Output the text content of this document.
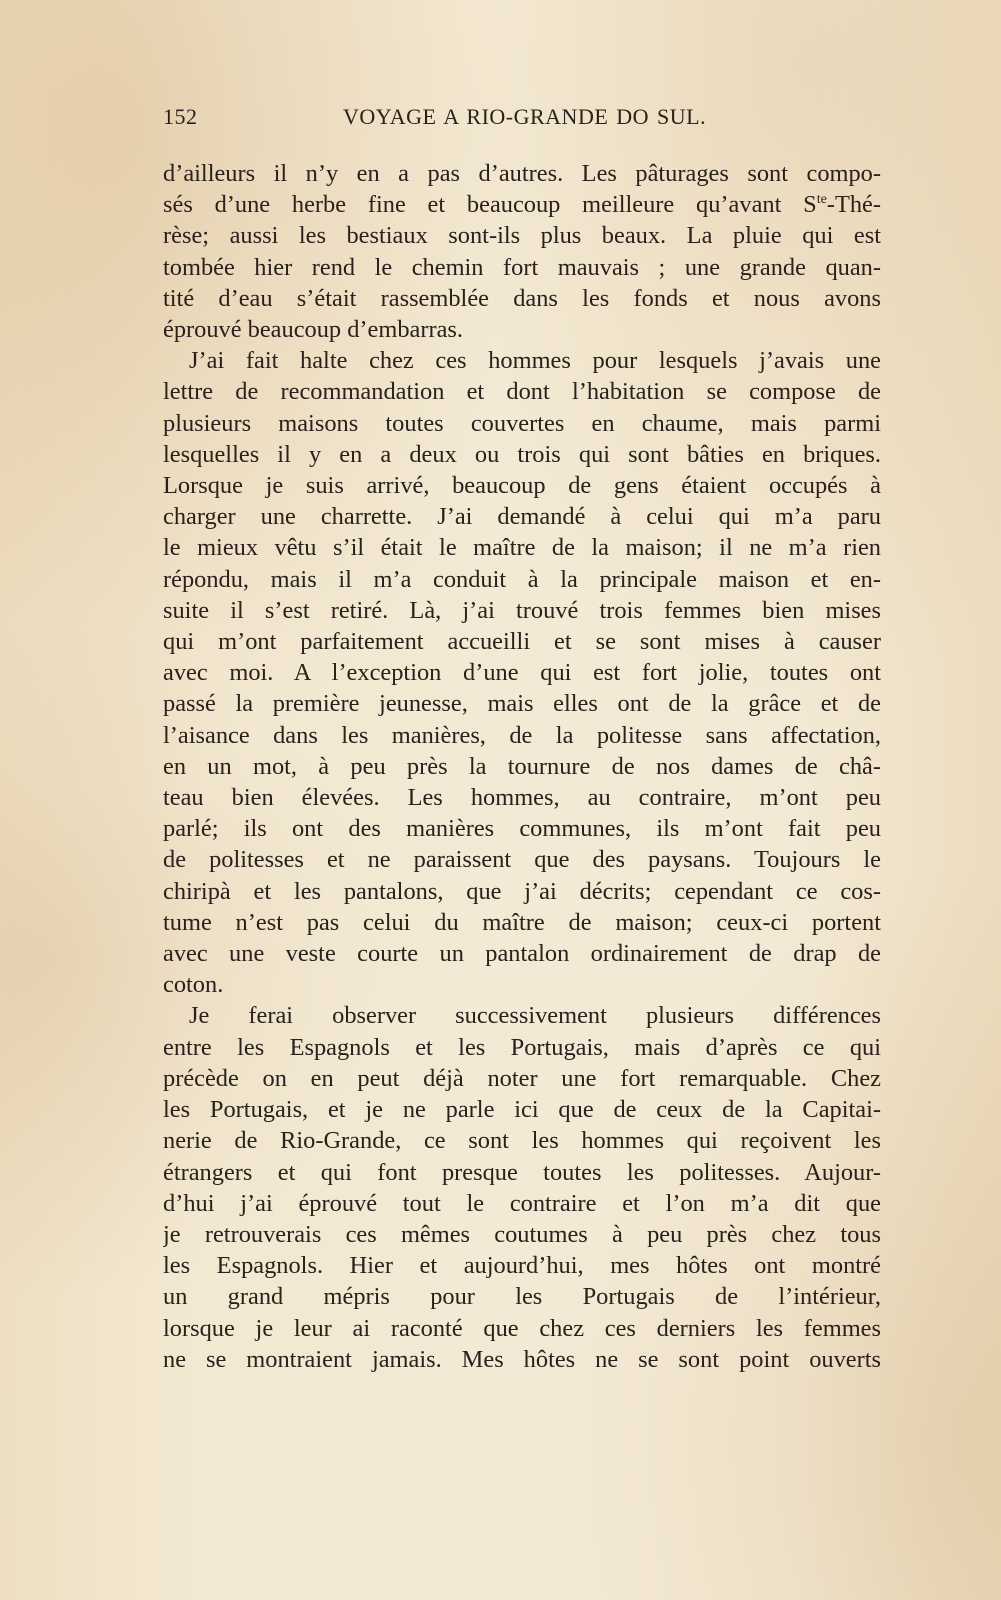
152	VOYAGE A RIO-GRANDE DO SUL.
d’ailleurs il n’y en a pas d’autres. Les pâturages sont compo-
sés d’une herbe fine et beaucoup meilleure qu’avant $S^{te}-Thé-$
rèse; aussi les bestiaux sont-ils plus beaux. La pluie qui est
tombée hier rend le chemin fort mauvais ; une grande quan-
tité d’eau s’était rassemblée dans les fonds et nous avons
éprouvé beaucoup d’embarras.
J’ai fait halte chez ces hommes pour lesquels j’avais une
lettre de recommandation et dont l’habitation se compose de
plusieurs maisons toutes couvertes en chaume, mais parmi
lesquelles il y en a deux ou trois qui sont bâties en briques.
Lorsque je suis arrivé, beaucoup de gens étaient occupés à
charger une charrette. J’ai demandé à celui qui m’a paru
le mieux vêtu s’il était le maître de la maison; il ne m’a rien
répondu, mais il m’a conduit à la principale maison et en-
suite il s’est retiré. Là, j’ai trouvé trois femmes bien mises
qui m’ont parfaitement accueilli et se sont mises à causer
avec moi. A l’exception d’une qui est fort jolie, toutes ont
passé la première jeunesse, mais elles ont de la grâce et de
l’aisance dans les manières, de la politesse sans affectation,
en un mot, à peu près la tournure de nos dames de châ-
teau bien élevées. Les hommes, au contraire, m’ont peu
parlé; ils ont des manières communes, ils m’ont fait peu
de politesses et ne paraissent que des paysans. Toujours le
chiripà et les pantalons, que j’ai décrits; cependant ce cos-
tume n’est pas celui du maître de maison; ceux-ci portent
avec une veste courte un pantalon ordinairement de drap de
coton.
Je ferai observer successivement plusieurs différences
entre les Espagnols et les Portugais, mais d’après ce qui
précède on en peut déjà noter une fort remarquable. Chez
les Portugais, et je ne parle ici que de ceux de la Capitai-
nerie de Rio-Grande, ce sont les hommes qui reçoivent les
étrangers et qui font presque toutes les politesses. Aujour-
d’hui j’ai éprouvé tout le contraire et l’on m’a dit que
je retrouverais ces mêmes coutumes à peu près chez tous
les Espagnols. Hier et aujourd’hui, mes hôtes ont montré
un grand mépris pour les Portugais de l’intérieur,
lorsque je leur ai raconté que chez ces derniers les femmes
ne se montraient jamais. Mes hôtes ne se sont point ouverts
